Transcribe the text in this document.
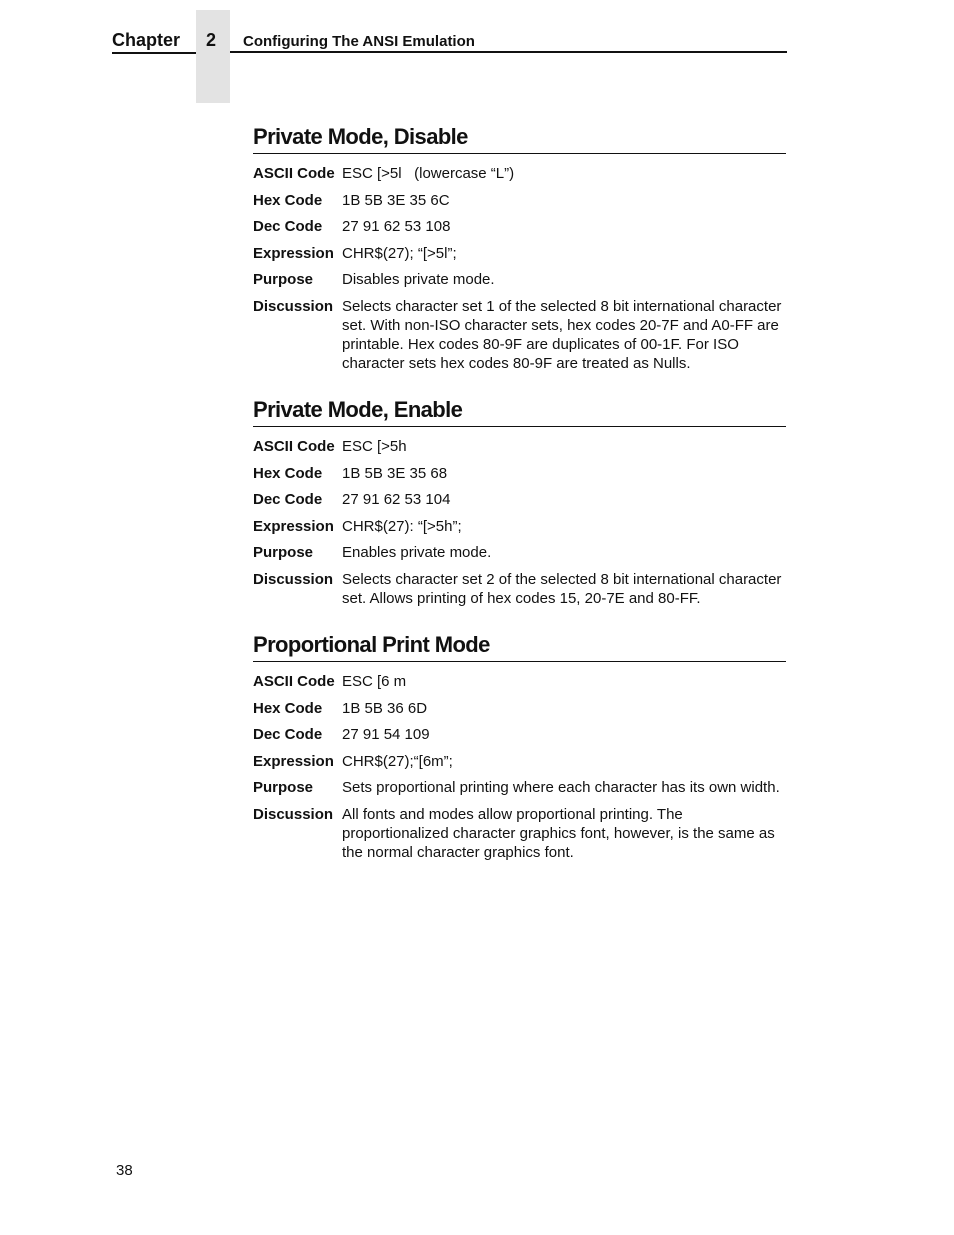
Chapter	2	Configuring The ANSI Emulation
Private Mode, Disable
ASCII Code ESC [>5l   (lowercase “L”)
Hex Code	1B 5B 3E 35 6C
Dec Code	27 91 62 53 108
Expression CHR$(27); “[>5l”;
Purpose	Disables private mode.
Discussion Selects character set 1 of the selected 8 bit international character set. With non-ISO character sets, hex codes 20-7F and A0-FF are printable. Hex codes 80-9F are duplicates of 00-1F. For ISO character sets hex codes 80-9F are treated as Nulls.
Private Mode, Enable
ASCII Code ESC [>5h
Hex Code	1B 5B 3E 35 68
Dec Code	27 91 62 53 104
Expression CHR$(27): “[>5h”;
Purpose	Enables private mode.
Discussion Selects character set 2 of the selected 8 bit international character set. Allows printing of hex codes 15, 20-7E and 80-FF.
Proportional Print Mode
ASCII Code ESC [6 m
Hex Code	1B 5B 36 6D
Dec Code	27 91 54 109
Expression CHR$(27);“[6m”;
Purpose	Sets proportional printing where each character has its own width.
Discussion All fonts and modes allow proportional printing. The proportionalized character graphics font, however, is the same as the normal character graphics font.
38
